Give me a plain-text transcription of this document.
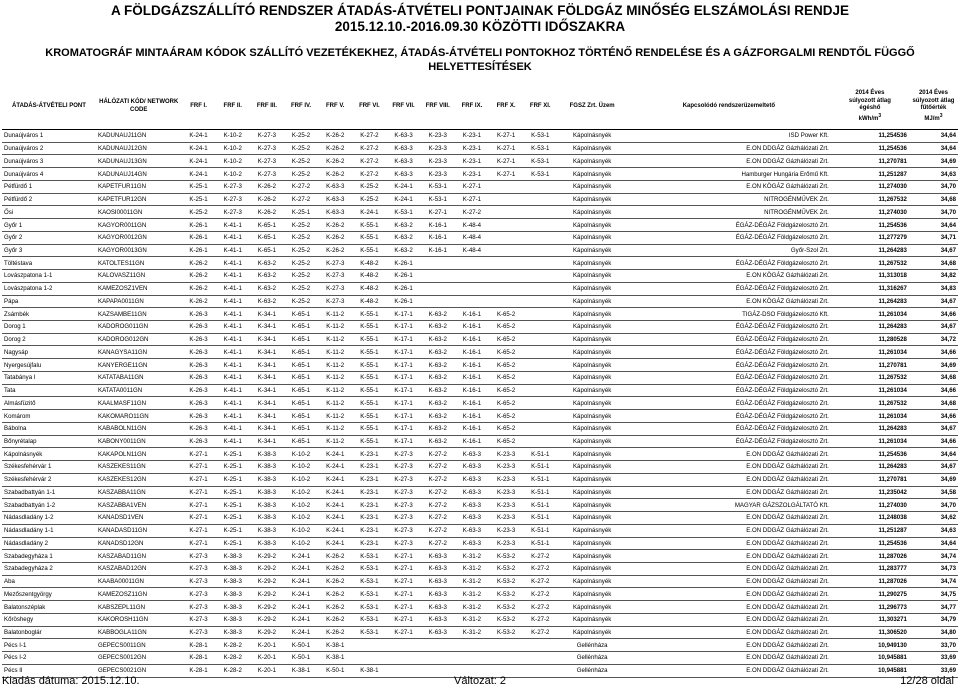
A FÖLDGÁZSZÁLLÍTÓ RENDSZER ÁTADÁS-ÁTVÉTELI PONTJAINAK FÖLDGÁZ MINŐSÉG ELSZÁMOLÁSI RENDJE
2015.12.10.-2016.09.30 KÖZÖTTI IDŐSZAKRA
KROMATOGRÁF MINTAÁRAM KÓDOK SZÁLLÍTÓ VEZETÉKEKHEZ, ÁTADÁS-ÁTVÉTELI PONTOKHOZ TÖRTÉNŐ RENDELÉSE ÉS A GÁZFORGALMI RENDTŐL FÜGGŐ HELYETTESÍTÉSEK
ÁTADÁS-ÁTVÉTELI PONT	HÁLÓZATI KÓD/ NETWORK CODE	FRF I.	FRF II.	FRF III.	FRF IV.	FRF V.	FRF VI.	FRF VII.	FRF VIII.	FRF IX.	FRF X.	FRF XI.	FGSZ Zrt. Üzem	Kapcsolódó rendszerüzemeltető	2014 Éves
súlyozott átlag
égéshő
kWh/$m^3$	2014 Éves
súlyozott átlag
fűtőérték $MJ/m^3$
Dunaújváros 1	KADUNAUJ11GN	K-24-1	K-10-2	K-27-3	K-25-2	K-26-2	K-27-2	K-63-3	K-23-3	K-23-1	K-27-1	K-53-1	Kápolnásnyék	ISD Power Kft.	11,254536	34,64
Dunaújváros 2	KADUNAUJ12GN	K-24-1	K-10-2	K-27-3	K-25-2	K-26-2	K-27-2	K-63-3	K-23-3	K-23-1	K-27-1	K-53-1	Kápolnásnyék	E.ON DDGÁZ Gázhálózati Zrt.	11,254536	34,64
Dunaújváros 3	KADUNAUJ13GN	K-24-1	K-10-2	K-27-3	K-25-2	K-26-2	K-27-2	K-63-3	K-23-3	K-23-1	K-27-1	K-53-1	Kápolnásnyék	E.ON DDGÁZ Gázhálózati Zrt.	11,270781	34,69
Dunaújváros 4	KADUNAUJ14GN	K-24-1	K-10-2	K-27-3	K-25-2	K-26-2	K-27-2	K-63-3	K-23-3	K-23-1	K-27-1	K-53-1	Kápolnásnyék	Hamburger Hungária Erőmű Kft.	11,251287	34,63
Pétfürdő 1	KAPETFUR11GN	K-25-1	K-27-3	K-26-2	K-27-2	K-63-3	K-25-2	K-24-1	K-53-1	K-27-1			Kápolnásnyék	E.ON KÖGÁZ Gázhálózati Zrt.	11,274030	34,70
Pétfürdő 2	KAPETFUR12GN	K-25-1	K-27-3	K-26-2	K-27-2	K-63-3	K-25-2	K-24-1	K-53-1	K-27-1			Kápolnásnyék	NITROGÉNMŰVEK Zrt.	11,267532	34,68
Ősi	KAOSI00011GN	K-25-2	K-27-3	K-26-2	K-25-1	K-63-3	K-24-1	K-53-1	K-27-1	K-27-2			Kápolnásnyék	NITROGÉNMŰVEK Zrt.	11,274030	34,70
Győr 1	KAGYOR0011GN	K-26-1	K-41-1	K-65-1	K-25-2	K-26-2	K-55-1	K-63-2	K-16-1	K-48-4			Kápolnásnyék	ÉGÁZ-DÉGÁZ Földgázelosztó Zrt.	11,254536	34,64
Győr 2	KAGYOR0012GN	K-26-1	K-41-1	K-65-1	K-25-2	K-26-2	K-55-1	K-63-2	K-16-1	K-48-4			Kápolnásnyék	ÉGÁZ-DÉGÁZ Földgázelosztó Zrt.	11,277279	34,71
Győr 3	KAGYOR0013GN	K-26-1	K-41-1	K-65-1	K-25-2	K-26-2	K-55-1	K-63-2	K-16-1	K-48-4			Kápolnásnyék	Győr-Szol Zrt.	11,264283	34,67
Töltéstava	KATOLTES11GN	K-26-2	K-41-1	K-63-2	K-25-2	K-27-3	K-48-2	K-26-1					Kápolnásnyék	ÉGÁZ-DÉGÁZ Földgázelosztó Zrt.	11,267532	34,68
Lovászpatona 1-1	KALOVASZ11GN	K-26-2	K-41-1	K-63-2	K-25-2	K-27-3	K-48-2	K-26-1					Kápolnásnyék	E.ON KÖGÁZ Gázhálózati Zrt.	11,313018	34,82
Lovászpatona 1-2	KAMEZOSZ1VEN	K-26-2	K-41-1	K-63-2	K-25-2	K-27-3	K-48-2	K-26-1					Kápolnásnyék	ÉGÁZ-DÉGÁZ Földgázelosztó Zrt.	11,316267	34,83
Pápa	KAPAPA0011GN	K-26-2	K-41-1	K-63-2	K-25-2	K-27-3	K-48-2	K-26-1					Kápolnásnyék	E.ON KÖGÁZ Gázhálózati Zrt.	11,264283	34,67
Zsámbék	KAZSAMBE11GN	K-26-3	K-41-1	K-34-1	K-65-1	K-11-2	K-55-1	K-17-1	K-63-2	K-16-1	K-65-2		Kápolnásnyék	TIGÁZ-DSO Földgázelosztó Kft.	11,261034	34,66
Dorog 1	KADOROG011GN	K-26-3	K-41-1	K-34-1	K-65-1	K-11-2	K-55-1	K-17-1	K-63-2	K-16-1	K-65-2		Kápolnásnyék	ÉGÁZ-DÉGÁZ Földgázelosztó Zrt.	11,264283	34,67
Dorog 2	KADOROG012GN	K-26-3	K-41-1	K-34-1	K-65-1	K-11-2	K-55-1	K-17-1	K-63-2	K-16-1	K-65-2		Kápolnásnyék	ÉGÁZ-DÉGÁZ Földgázelosztó Zrt.	11,280528	34,72
Nagysáp	KANAGYSA11GN	K-26-3	K-41-1	K-34-1	K-65-1	K-11-2	K-55-1	K-17-1	K-63-2	K-16-1	K-65-2		Kápolnásnyék	ÉGÁZ-DÉGÁZ Földgázelosztó Zrt.	11,261034	34,66
Nyergesújfalu	KANYERGE11GN	K-26-3	K-41-1	K-34-1	K-65-1	K-11-2	K-55-1	K-17-1	K-63-2	K-16-1	K-65-2		Kápolnásnyék	ÉGÁZ-DÉGÁZ Földgázelosztó Zrt.	11,270781	34,69
Tatabánya I	KATATABA11GN	K-26-3	K-41-1	K-34-1	K-65-1	K-11-2	K-55-1	K-17-1	K-63-2	K-16-1	K-65-2		Kápolnásnyék	ÉGÁZ-DÉGÁZ Földgázelosztó Zrt.	11,267532	34,68
Tata	KATATA0011GN	K-26-3	K-41-1	K-34-1	K-65-1	K-11-2	K-55-1	K-17-1	K-63-2	K-16-1	K-65-2		Kápolnásnyék	ÉGÁZ-DÉGÁZ Földgázelosztó Zrt.	11,261034	34,66
Almásfüzitő	KAALMASF11GN	K-26-3	K-41-1	K-34-1	K-65-1	K-11-2	K-55-1	K-17-1	K-63-2	K-16-1	K-65-2		Kápolnásnyék	ÉGÁZ-DÉGÁZ Földgázelosztó Zrt.	11,267532	34,68
Komárom	KAKOMARO11GN	K-26-3	K-41-1	K-34-1	K-65-1	K-11-2	K-55-1	K-17-1	K-63-2	K-16-1	K-65-2		Kápolnásnyék	ÉGÁZ-DÉGÁZ Földgázelosztó Zrt.	11,261034	34,66
Bábolna	KABABOLN11GN	K-26-3	K-41-1	K-34-1	K-65-1	K-11-2	K-55-1	K-17-1	K-63-2	K-16-1	K-65-2		Kápolnásnyék	ÉGÁZ-DÉGÁZ Földgázelosztó Zrt.	11,264283	34,67
Bőnyrétalap	KABONY0011GN	K-26-3	K-41-1	K-34-1	K-65-1	K-11-2	K-55-1	K-17-1	K-63-2	K-16-1	K-65-2		Kápolnásnyék	ÉGÁZ-DÉGÁZ Földgázelosztó Zrt.	11,261034	34,66
Kápolnásnyék	KAKAPOLN11GN	K-27-1	K-25-1	K-38-3	K-10-2	K-24-1	K-23-1	K-27-3	K-27-2	K-63-3	K-23-3	K-51-1	Kápolnásnyék	E.ON DDGÁZ Gázhálózati Zrt.	11,254536	34,64
Székesfehérvár 1	KASZEKES11GN	K-27-1	K-25-1	K-38-3	K-10-2	K-24-1	K-23-1	K-27-3	K-27-2	K-63-3	K-23-3	K-51-1	Kápolnásnyék	E.ON DDGÁZ Gázhálózati Zrt.	11,264283	34,67
Székesfehérvár 2	KASZEKES12GN	K-27-1	K-25-1	K-38-3	K-10-2	K-24-1	K-23-1	K-27-3	K-27-2	K-63-3	K-23-3	K-51-1	Kápolnásnyék	E.ON DDGÁZ Gázhálózati Zrt.	11,270781	34,69
Szabadbattyán 1-1	KASZABBA11GN	K-27-1	K-25-1	K-38-3	K-10-2	K-24-1	K-23-1	K-27-3	K-27-2	K-63-3	K-23-3	K-51-1	Kápolnásnyék	E.ON DDGÁZ Gázhálózati Zrt.	11,235042	34,58
Szabadbattyán 1-2	KASZABBA1VEN	K-27-1	K-25-1	K-38-3	K-10-2	K-24-1	K-23-1	K-27-3	K-27-2	K-63-3	K-23-3	K-51-1	Kápolnásnyék	MAGYAR GÁZSZOLGÁLTATÓ Kft.	11,274030	34,70
Nádasdladány 1-2	KANADSD1VEN	K-27-1	K-25-1	K-38-3	K-10-2	K-24-1	K-23-1	K-27-3	K-27-2	K-63-3	K-23-3	K-51-1	Kápolnásnyék	E.ON DDGÁZ Gázhálózati Zrt.	11,248038	34,62
Nádasdladány 1-1	KANADASD11GN	K-27-1	K-25-1	K-38-3	K-10-2	K-24-1	K-23-1	K-27-3	K-27-2	K-63-3	K-23-3	K-51-1	Kápolnásnyék	E.ON DDGÁZ Gázhálózati Zrt.	11,251287	34,63
Nádasdladány 2	KANADSD12GN	K-27-1	K-25-1	K-38-3	K-10-2	K-24-1	K-23-1	K-27-3	K-27-2	K-63-3	K-23-3	K-51-1	Kápolnásnyék	E.ON DDGÁZ Gázhálózati Zrt.	11,254536	34,64
Szabadegyháza 1	KASZABAD11GN	K-27-3	K-38-3	K-29-2	K-24-1	K-26-2	K-53-1	K-27-1	K-63-3	K-31-2	K-53-2	K-27-2	Kápolnásnyék	E.ON DDGÁZ Gázhálózati Zrt.	11,287026	34,74
Szabadegyháza 2	KASZABAD12GN	K-27-3	K-38-3	K-29-2	K-24-1	K-26-2	K-53-1	K-27-1	K-63-3	K-31-2	K-53-2	K-27-2	Kápolnásnyék	E.ON DDGÁZ Gázhálózati Zrt.	11,283777	34,73
Aba	KAABA00011GN	K-27-3	K-38-3	K-29-2	K-24-1	K-26-2	K-53-1	K-27-1	K-63-3	K-31-2	K-53-2	K-27-2	Kápolnásnyék	E.ON DDGÁZ Gázhálózati Zrt.	11,287026	34,74
Mezőszentgyörgy	KAMEZOSZ11GN	K-27-3	K-38-3	K-29-2	K-24-1	K-26-2	K-53-1	K-27-1	K-63-3	K-31-2	K-53-2	K-27-2	Kápolnásnyék	E.ON DDGÁZ Gázhálózati Zrt.	11,290275	34,75
Balatonszéplak	KABSZEPL11GN	K-27-3	K-38-3	K-29-2	K-24-1	K-26-2	K-53-1	K-27-1	K-63-3	K-31-2	K-53-2	K-27-2	Kápolnásnyék	E.ON DDGÁZ Gázhálózati Zrt.	11,296773	34,77
Kőröshegy	KAKOROSH11GN	K-27-3	K-38-3	K-29-2	K-24-1	K-26-2	K-53-1	K-27-1	K-63-3	K-31-2	K-53-2	K-27-2	Kápolnásnyék	E.ON DDGÁZ Gázhálózati Zrt.	11,303271	34,79
Balatonboglár	KABBOGLA11GN	K-27-3	K-38-3	K-29-2	K-24-1	K-26-2	K-53-1	K-27-1	K-63-3	K-31-2	K-53-2	K-27-2	Kápolnásnyék	E.ON DDGÁZ Gázhálózati Zrt.	11,306520	34,80
Pécs I-1	GEPECS0011GN	K-28-1	K-28-2	K-20-1	K-50-1	K-38-1							Gellénháza	E.ON DDGÁZ Gázhálózati Zrt.	10,949130	33,70
Pécs I-2	GEPECS0012GN	K-28-1	K-28-2	K-20-1	K-50-1	K-38-1							Gellénháza	E.ON DDGÁZ Gázhálózati Zrt.	10,945881	33,69
Pécs II	GEPECS0021GN	K-28-1	K-28-2	K-20-1	K-38-1	K-50-1	K-38-1						Gellénháza	E.ON DDGÁZ Gázhálózati Zrt.	10,945881	33,69
Kiadás dátuma: 2015.12.10.	Változat: 2	12/28 oldal
